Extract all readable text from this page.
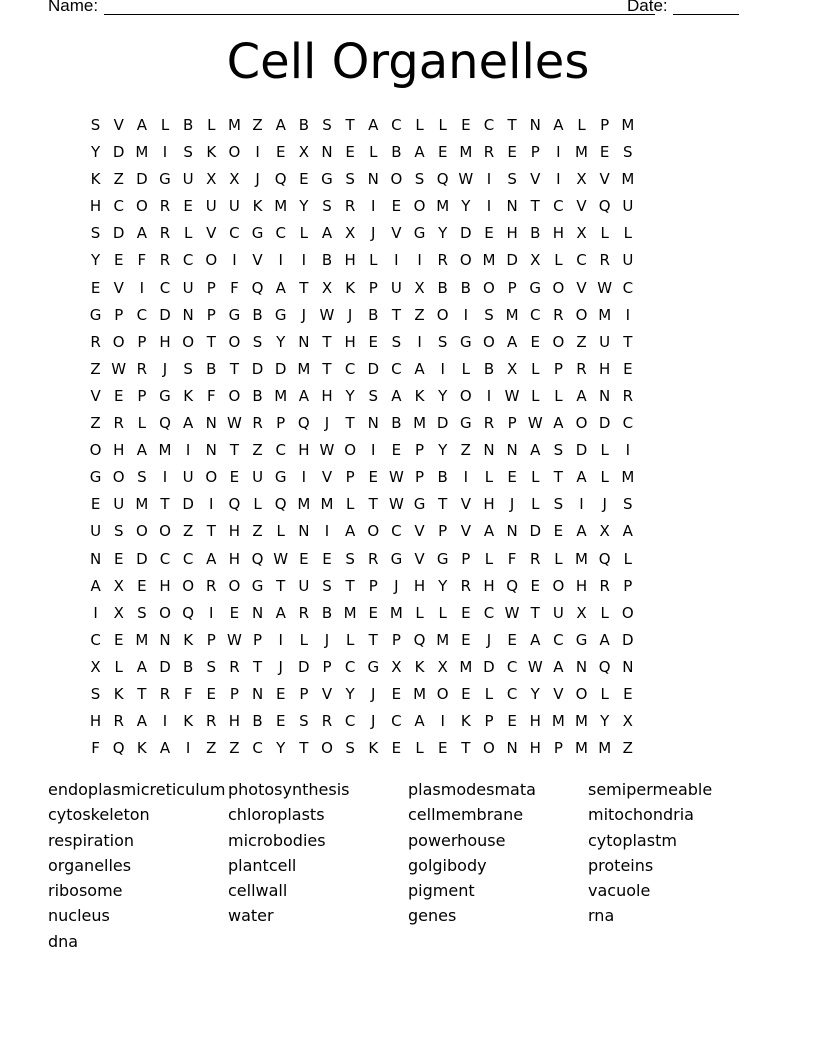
Name:	Date:
Cell Organelles
S V A L B L M Z A B S T A C L L E C T N A L P M
Y D M I	S K O	I	E X N E L B A E M R E P	I M E S
K Z D G U X X	J	Q E G S N O S Q W I	S V	I	X V M
H C O R E U U K M Y S R	I	E O M Y	I	N T C V Q U
S D A R L V C G C L A X	J	V G Y D E H B H X L L
Y E F R C O	I	V	I	I	B H L	I	I	R O M D X L C R U
E V	I	C U P F Q A T X K P U X B B O P G O V W C
G P C D N P G B G	J W J	B T Z O	I	S M C R O M I
R O P H O T O S Y N T H E S	I	S G O A E O Z U T
Z W R	J	S B T D D M T C D C A	I	L B X L P R H E
V E P G K F O B M A H Y S A K Y O	I W L L A N R
Z R L Q A N W R P Q	J	T N B M D G R P W A O D C
O H A M I	N T Z C H W O	I	E P Y Z N N A S D L	I
G O S	I	U O E U G	I	V P E W P B	I	L E L T A L M
E U M T D	I	Q L Q M M L T W G T V H	J	L S	I	J	S
U S O O Z T H Z L N	I	A O C V P V A N D E A X A
N E D C C A H Q W E E S R G V G P L F R L M Q L
A X E H O R O G T U S T P	J	H Y R H Q E O H R P
I	X S O Q	I	E N A R B M E M L L E C W T U X L O
C E M N K P W P	I	L	J	L T P Q M E	J	E A C G A D
X L A D B S R T	J	D P C G X K X M D C W A N Q N
S K T R F E P N E P V Y	J	E M O E L C Y V O L E
H R A	I	K R H B E S R C	J	C A	I	K P E H M M Y X
F Q K A	I	Z Z C Y T O S K E L E T O N H P M M Z
endoplasmicreticulum photosynthesis	plasmodesmata	semipermeable
cytoskeleton	chloroplasts	cellmembrane	mitochondria
respiration	microbodies	powerhouse	cytoplastm
organelles	plantcell	golgibody	proteins
ribosome	cellwall	pigment	vacuole
nucleus	water	genes	rna
dna
